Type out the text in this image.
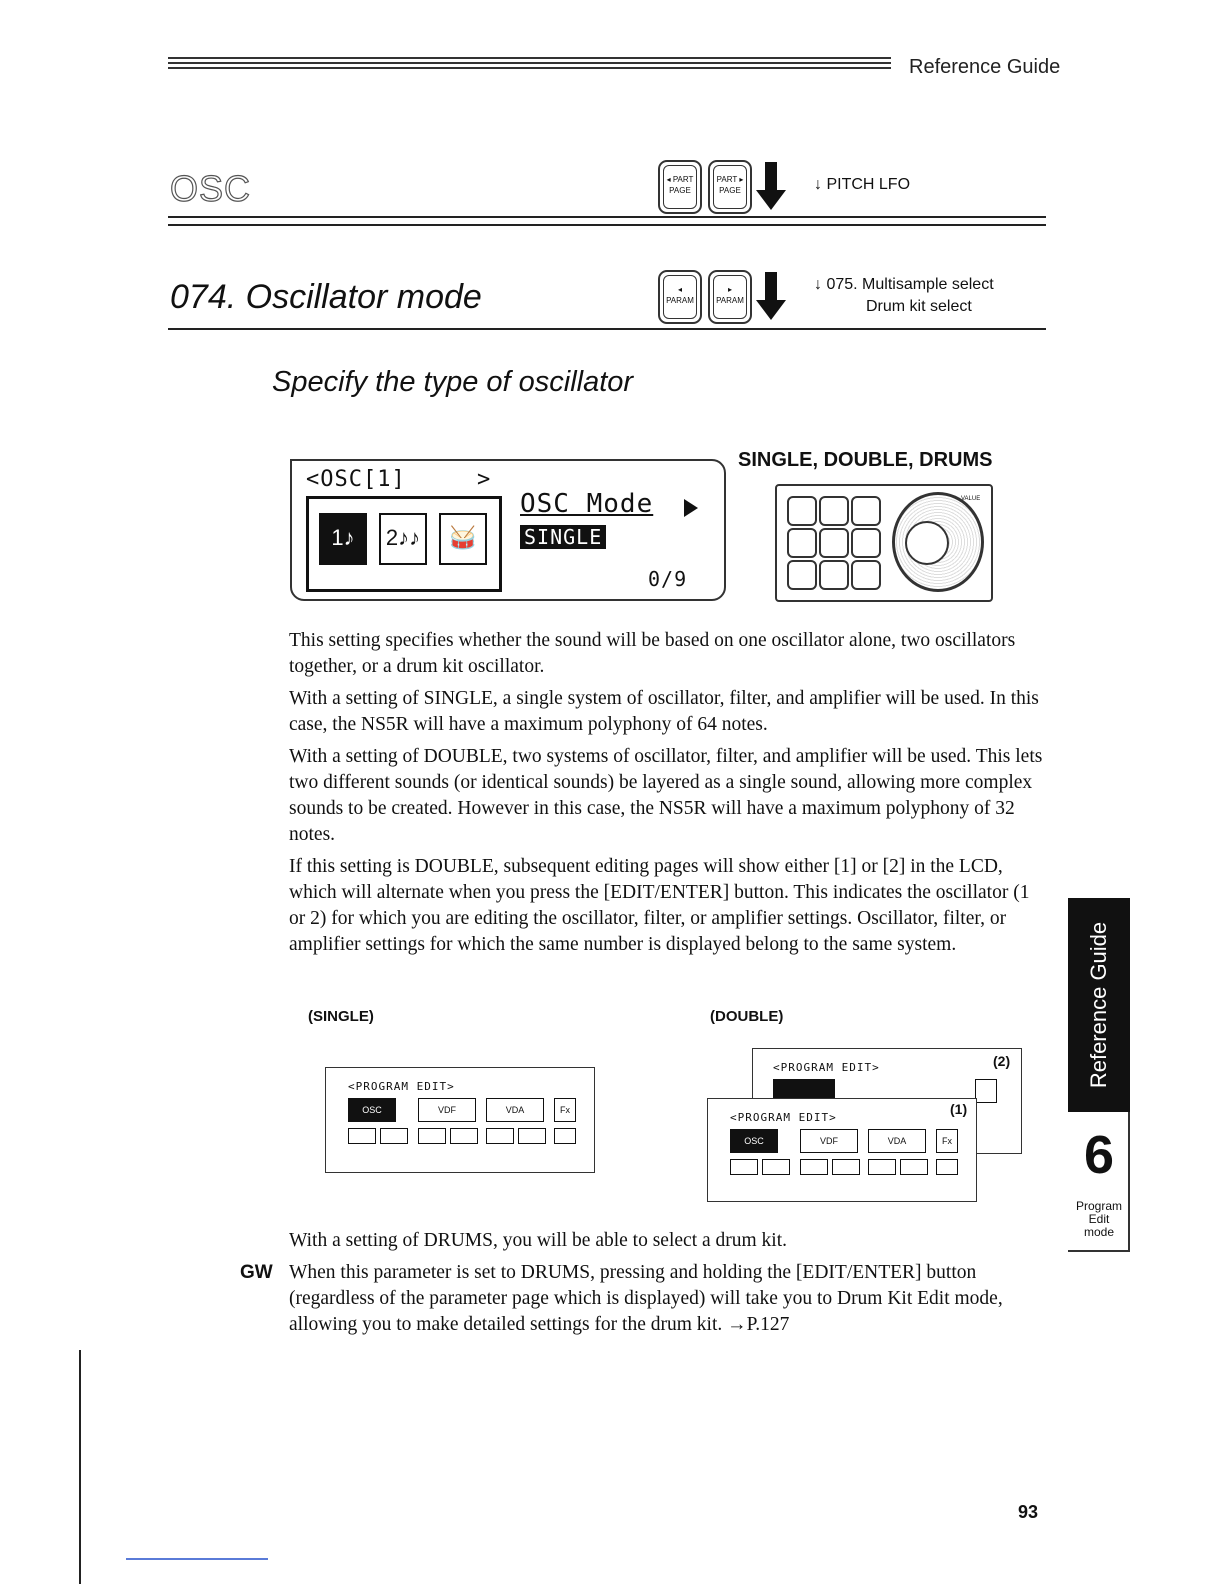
Reference Guide
OSC	◂ PART
PAGE
PART ▸
PAGE	↓ PITCH LFO
074. Oscillator mode	◂
PARAM
▸
PARAM
↓ 075. Multisample select
Drum kit select
Specify the type of oscillator
<OSC[1]     >
1♪	2♪♪	🥁
OSC Mode
SINGLE
0/9
SINGLE, DOUBLE, DRUMS
VALUE

This setting specifies whether the sound will be based on one oscillator alone, two oscillators together, or a drum kit oscillator.

With a setting of SINGLE, a single system of oscillator, filter, and amplifier will be used. In this case, the NS5R will have a maximum polyphony of 64 notes.

With a setting of DOUBLE, two systems of oscillator, filter, and amplifier will be used. This lets two different sounds (or identical sounds) be layered as a single sound, allowing more complex sounds to be created. However in this case, the NS5R will have a maximum polyphony of 32 notes.

If this setting is DOUBLE, subsequent editing pages will show either [1] or [2] in the LCD, which will alternate when you press the [EDIT/ENTER] button. This indicates the oscillator (1 or 2) for which you are editing the oscillator, filter, or amplifier settings. Oscillator, filter, or amplifier settings for which the same number is displayed belong to the same system.

(SINGLE)	(DOUBLE)
<PROGRAM EDIT>
OSC	VDF	VDA	Fx
<PROGRAM EDIT>	(2)
<PROGRAM EDIT>
(1)
OSC	VDF	VDA	Fx
With a setting of DRUMS, you will be able to select a drum kit.
GW When this parameter is set to DRUMS, pressing and holding the [EDIT/ENTER] button (regardless of the parameter page which is displayed) will take you to Drum Kit Edit mode, allowing you to make detailed settings for the drum kit. →P.127
Reference Guide
6
Program
Edit
mode
93
